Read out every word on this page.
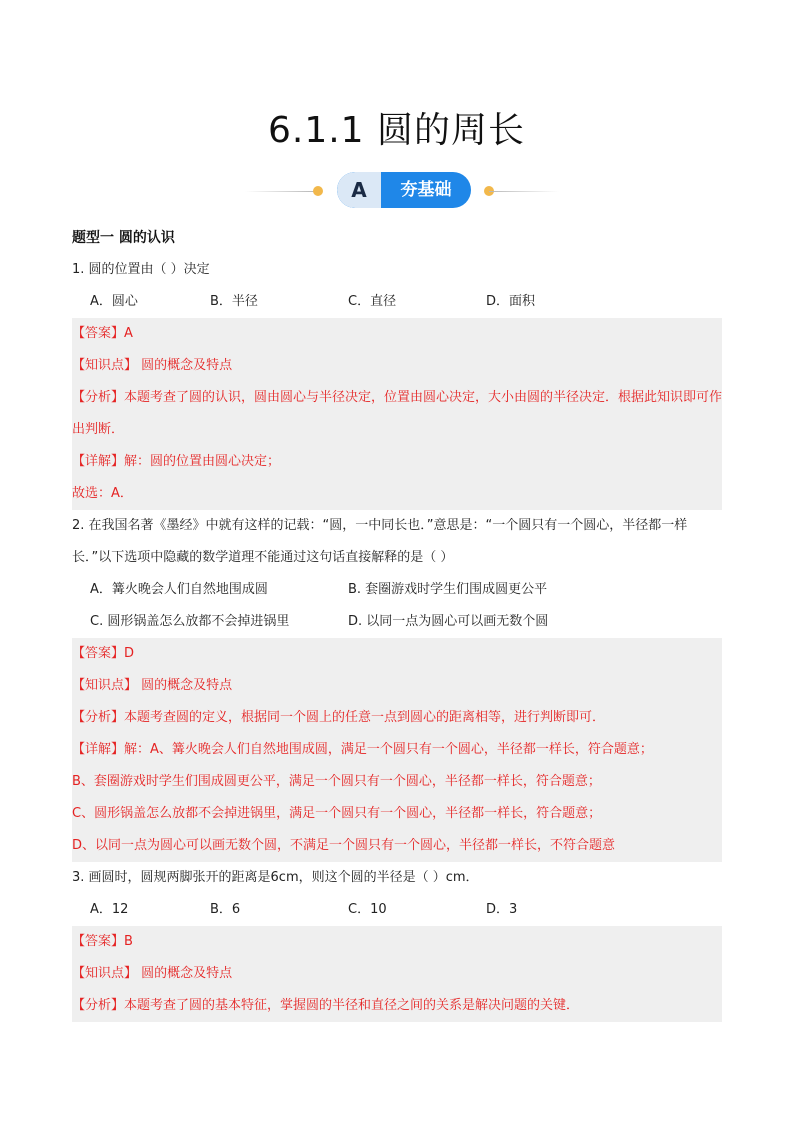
6.1.1 圆的周长
A	夯基础
题型一 圆的认识
1. 圆的位置由（ ）决定
A．圆心	B．半径	C．直径	D．面积
【答案】A
【知识点】 圆的概念及特点
【分析】本题考查了圆的认识，圆由圆心与半径决定，位置由圆心决定，大小由圆的半径决定．根据此知识即可作出判断．
【详解】解：圆的位置由圆心决定；
故选：A．
2. 在我国名著《墨经》中就有这样的记载：“圆，一中同长也．”意思是：“一个圆只有一个圆心，半径都一样长．”以下选项中隐藏的数学道理不能通过这句话直接解释的是（ ）
A．篝火晚会人们自然地围成圆	B. 套圈游戏时学生们围成圆更公平
C. 圆形锅盖怎么放都不会掉进锅里	D. 以同一点为圆心可以画无数个圆
【答案】D
【知识点】 圆的概念及特点
【分析】本题考查圆的定义，根据同一个圆上的任意一点到圆心的距离相等，进行判断即可．
【详解】解：A、篝火晚会人们自然地围成圆，满足一个圆只有一个圆心，半径都一样长，符合题意；
B、套圈游戏时学生们围成圆更公平，满足一个圆只有一个圆心，半径都一样长，符合题意；
C、圆形锅盖怎么放都不会掉进锅里，满足一个圆只有一个圆心，半径都一样长，符合题意；
D、以同一点为圆心可以画无数个圆，不满足一个圆只有一个圆心，半径都一样长，不符合题意
3. 画圆时，圆规两脚张开的距离是6cm，则这个圆的半径是（ ）cm．
A．12	B．6	C．10	D．3
【答案】B
【知识点】 圆的概念及特点
【分析】本题考查了圆的基本特征，掌握圆的半径和直径之间的关系是解决问题的关键．
